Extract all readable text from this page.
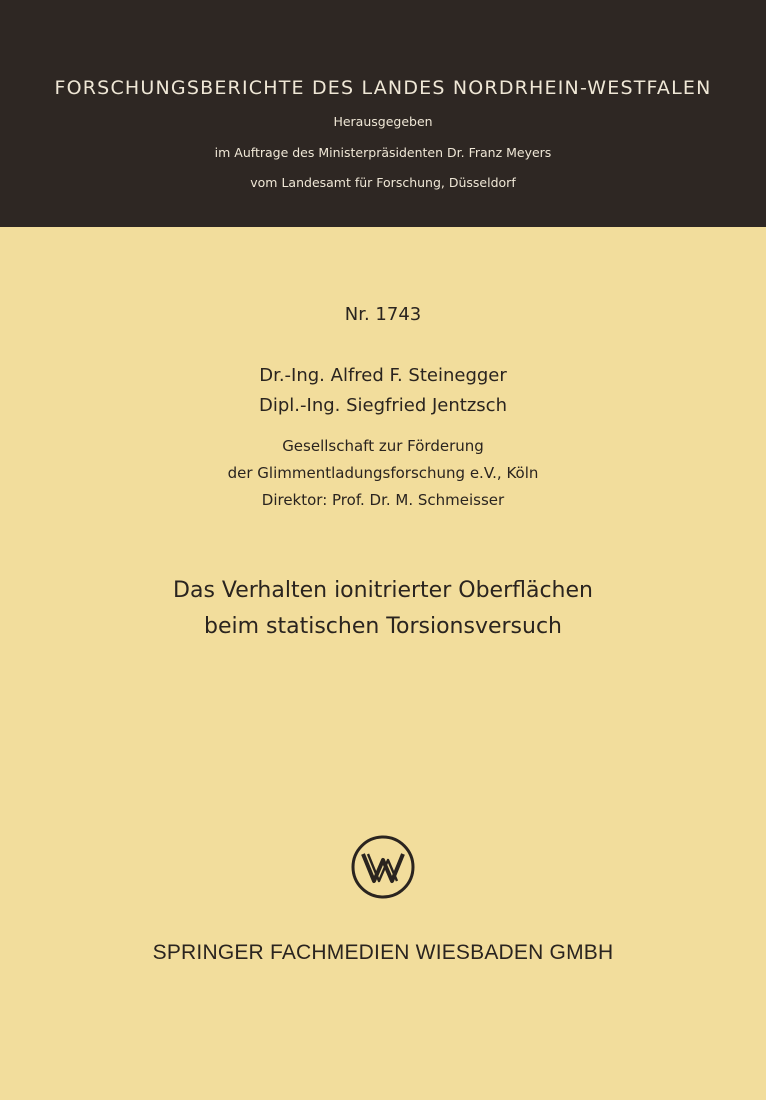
FORSCHUNGSBERICHTE DES LANDES NORDRHEIN-WESTFALEN
Herausgegeben
im Auftrage des Ministerpräsidenten Dr. Franz Meyers
vom Landesamt für Forschung, Düsseldorf
Nr. 1743
Dr.-Ing. Alfred F. Steinegger
Dipl.-Ing. Siegfried Jentzsch
Gesellschaft zur Förderung
der Glimmentladungsforschung e.V., Köln
Direktor: Prof. Dr. M. Schmeisser
Das Verhalten ionitrierter Oberflächen
beim statischen Torsionsversuch
SPRINGER FACHMEDIEN WIESBADEN GMBH
